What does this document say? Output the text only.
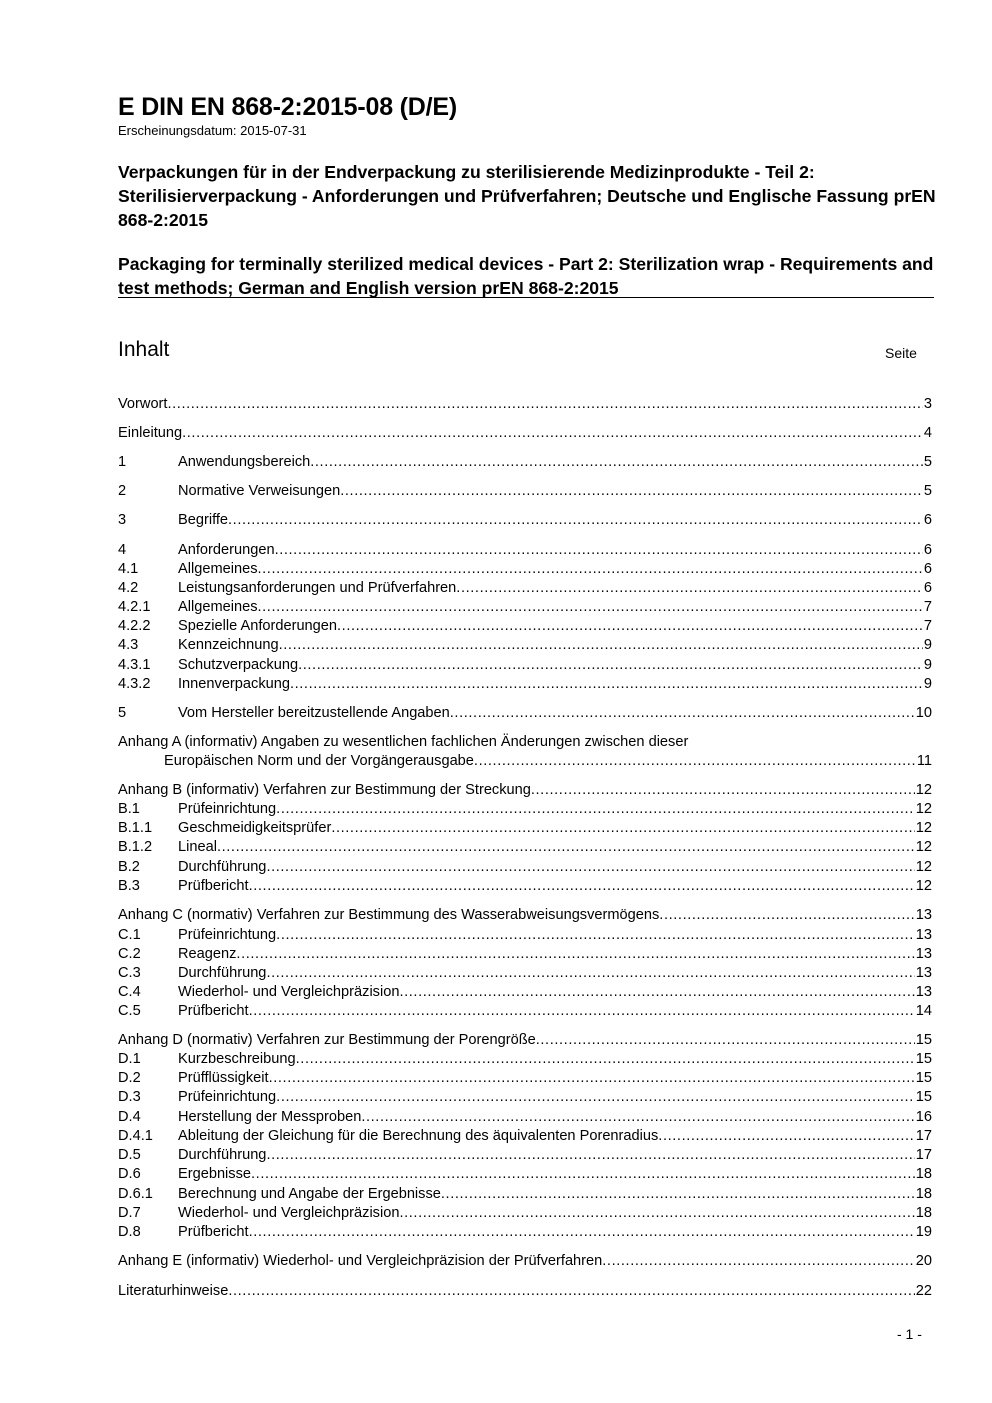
E DIN EN 868-2:2015-08 (D/E)
Erscheinungsdatum: 2015-07-31
Verpackungen für in der Endverpackung zu sterilisierende Medizinprodukte - Teil 2: Sterilisierverpackung - Anforderungen und Prüfverfahren; Deutsche und Englische Fassung prEN 868-2:2015
Packaging for terminally sterilized medical devices - Part 2: Sterilization wrap - Requirements and test methods; German and English version prEN 868-2:2015
Inhalt	Seite
Vorwort .....	3
Einleitung .....	4
1	Anwendungsbereich .....	5
2	Normative Verweisungen .....	5
3	Begriffe .....	6
4	Anforderungen .....	6
4.1	Allgemeines .....	6
4.2	Leistungsanforderungen und Prüfverfahren .....	6
4.2.1	Allgemeines .....	7
4.2.2	Spezielle Anforderungen .....	7
4.3	Kennzeichnung .....	9
4.3.1	Schutzverpackung .....	9
4.3.2	Innenverpackung .....	9
5	Vom Hersteller bereitzustellende Angaben .....	10
Anhang A (informativ) Angaben zu wesentlichen fachlichen Änderungen zwischen dieser
Europäischen Norm und der Vorgängerausgabe .....	11
Anhang B (informativ) Verfahren zur Bestimmung der Streckung .....	12
B.1	Prüfeinrichtung .....	12
B.1.1	Geschmeidigkeitsprüfer .....	12
B.1.2	Lineal .....	12
B.2	Durchführung .....	12
B.3	Prüfbericht .....	12
Anhang C (normativ) Verfahren zur Bestimmung des Wasserabweisungsvermögens .....	13
C.1	Prüfeinrichtung .....	13
C.2	Reagenz .....	13
C.3	Durchführung .....	13
C.4	Wiederhol- und Vergleichpräzision .....	13
C.5	Prüfbericht .....	14
Anhang D (normativ) Verfahren zur Bestimmung der Porengröße .....	15
D.1	Kurzbeschreibung .....	15
D.2	Prüfflüssigkeit .....	15
D.3	Prüfeinrichtung .....	15
D.4	Herstellung der Messproben .....	16
D.4.1	Ableitung der Gleichung für die Berechnung des äquivalenten Porenradius .....	17
D.5	Durchführung .....	17
D.6	Ergebnisse .....	18
D.6.1	Berechnung und Angabe der Ergebnisse .....	18
D.7	Wiederhol- und Vergleichpräzision .....	18
D.8	Prüfbericht .....	19
Anhang E (informativ) Wiederhol- und Vergleichpräzision der Prüfverfahren .....	20
Literaturhinweise .....	22
- 1 -
